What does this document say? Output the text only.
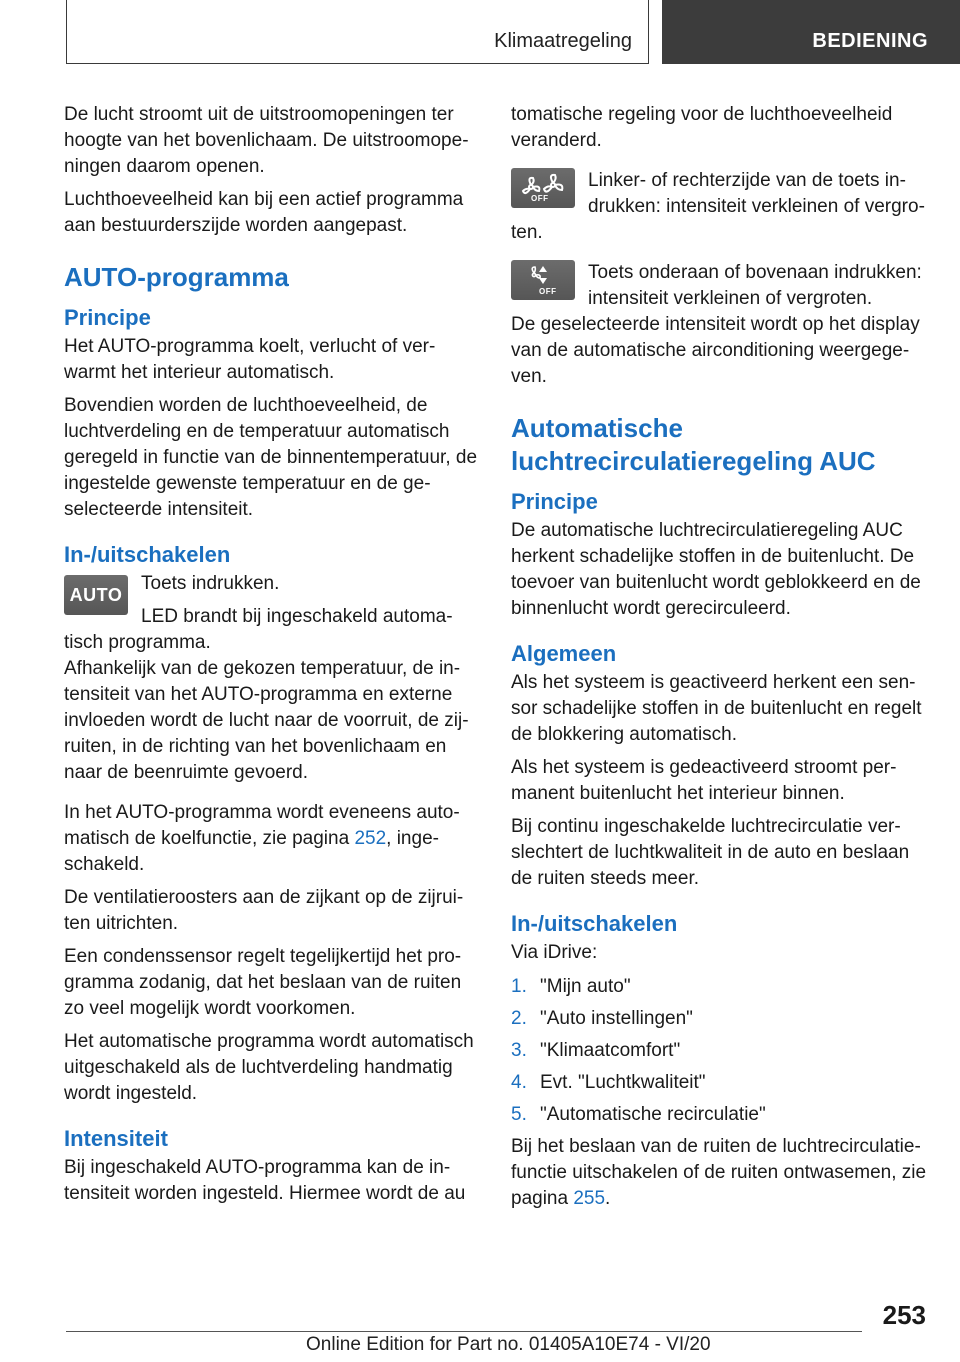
Klimaatregeling	BEDIENING

De lucht stroomt uit de uitstroomopeningen ter hoogte van het bovenlichaam. De uitstroomopeningen daarom openen.

Luchthoeveelheid kan bij een actief programma aan bestuurderszijde worden aangepast.

AUTO-programma
Principe

Het AUTO-programma koelt, verlucht of verwarmt het interieur automatisch.

Bovendien worden de luchthoeveelheid, de luchtverdeling en de temperatuur automatisch geregeld in functie van de binnentemperatuur, de ingestelde gewenste temperatuur en de geselecteerde intensiteit.

In-/uitschakelen
AUTO

Toets indrukken.

LED brandt bij ingeschakeld automatisch programma.

Afhankelijk van de gekozen temperatuur, de intensiteit van het AUTO-programma en externe invloeden wordt de lucht naar de voorruit, de zijruiten, in de richting van het bovenlichaam en naar de beenruimte gevoerd.

In het AUTO-programma wordt eveneens automatisch de koelfunctie, zie pagina 252, ingeschakeld.

De ventilatieroosters aan de zijkant op de zijruiten uitrichten.

Een condenssensor regelt tegelijkertijd het programma zodanig, dat het beslaan van de ruiten zo veel mogelijk wordt voorkomen.

Het automatische programma wordt automatisch uitgeschakeld als de luchtverdeling handmatig wordt ingesteld.

Intensiteit

Bij ingeschakeld AUTO-programma kan de intensiteit worden ingesteld. Hiermee wordt de au

tomatische regeling voor de luchthoeveelheid veranderd.

OFF

Linker- of rechterzijde van de toets indrukken: intensiteit verkleinen of vergroten.

OFF

Toets onderaan of bovenaan indrukken: intensiteit verkleinen of vergroten.

De geselecteerde intensiteit wordt op het display van de automatische airconditioning weergegeven.

Automatische luchtrecirculatieregeling AUC
Principe

De automatische luchtrecirculatieregeling AUC herkent schadelijke stoffen in de buitenlucht. De toevoer van buitenlucht wordt geblokkeerd en de binnenlucht wordt gerecirculeerd.

Algemeen

Als het systeem is geactiveerd herkent een sensor schadelijke stoffen in de buitenlucht en regelt de blokkering automatisch.

Als het systeem is gedeactiveerd stroomt permanent buitenlucht het interieur binnen.

Bij continu ingeschakelde luchtrecirculatie verslechtert de luchtkwaliteit in de auto en beslaan de ruiten steeds meer.

In-/uitschakelen

Via iDrive:

1. "Mijn auto"
2. "Auto instellingen"
3. "Klimaatcomfort"
4. Evt. "Luchtkwaliteit"
5. "Automatische recirculatie"

Bij het beslaan van de ruiten de luchtrecirculatiefunctie uitschakelen of de ruiten ontwasemen, zie pagina 255.

253
Online Edition for Part no. 01405A10E74 - VI/20
